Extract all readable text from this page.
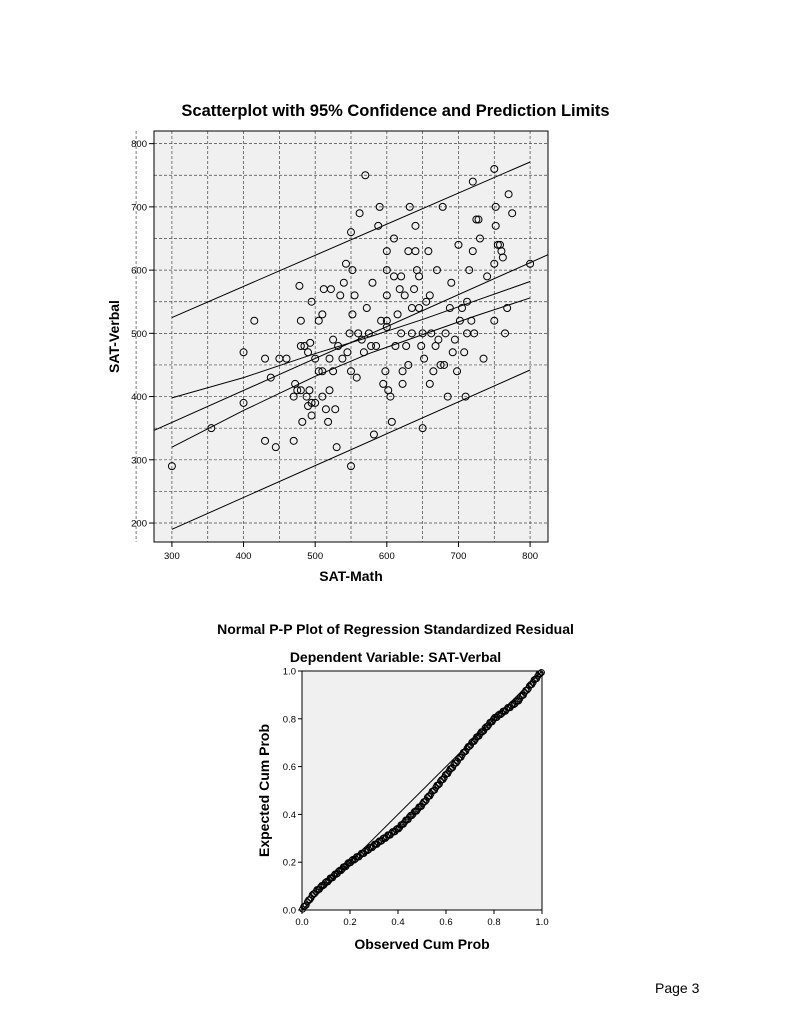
Scatterplot with 95% Confidence and Prediction Limits
Normal P-P Plot of Regression Standardized Residual
Dependent Variable: SAT-Verbal
300	400	500	600	700	800
200
300
400
500
600
700
800
SAT-Math
SAT-Verbal
0.0	0.2	0.4	0.6	0.8	1.0
0.0
0.2
0.4
0.6
0.8
1.0
Observed Cum Prob
Expected Cum Prob
Page 3
